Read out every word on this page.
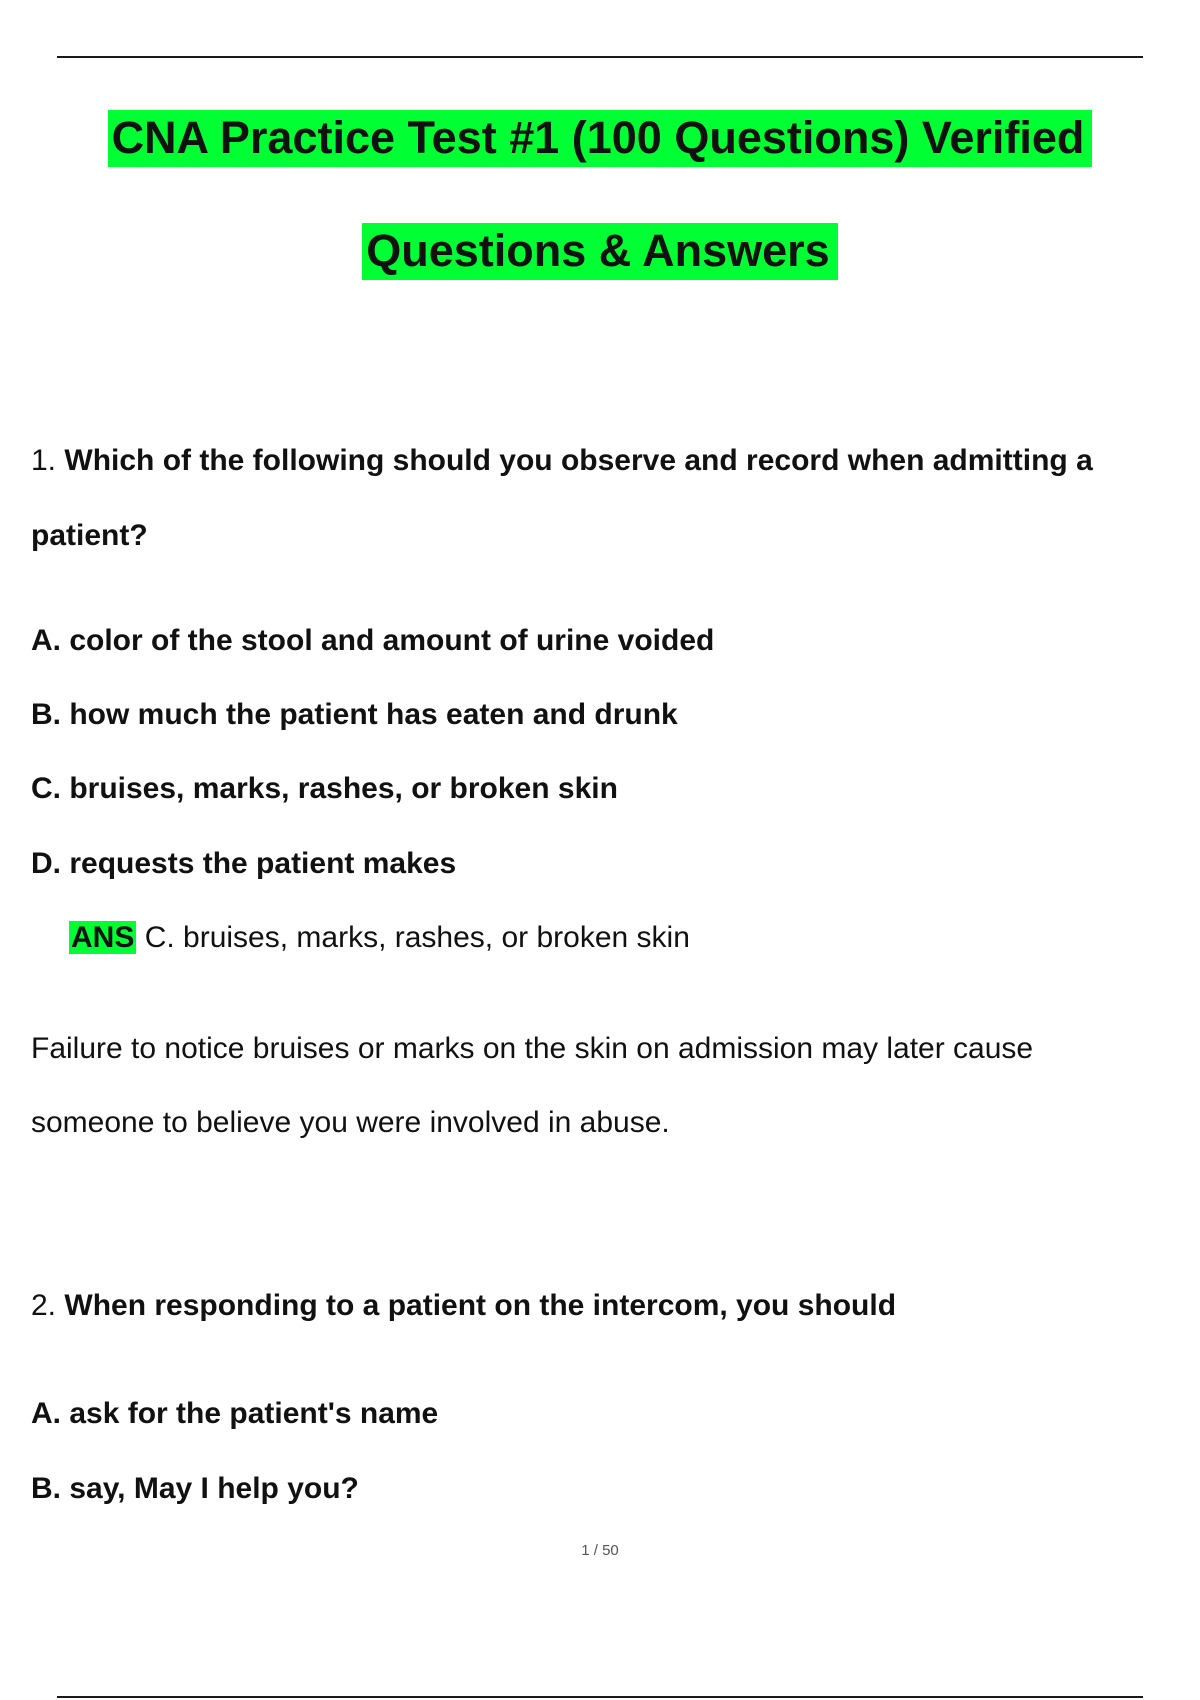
CNA Practice Test #1 (100 Questions) Verified
Questions & Answers
1. Which of the following should you observe and record when admitting a
patient?
A. color of the stool and amount of urine voided
B. how much the patient has eaten and drunk
C. bruises, marks, rashes, or broken skin
D. requests the patient makes
ANS C. bruises, marks, rashes, or broken skin
Failure to notice bruises or marks on the skin on admission may later cause
someone to believe you were involved in abuse.
2. When responding to a patient on the intercom, you should
A. ask for the patient's name
B. say, May I help you?
1 / 50
